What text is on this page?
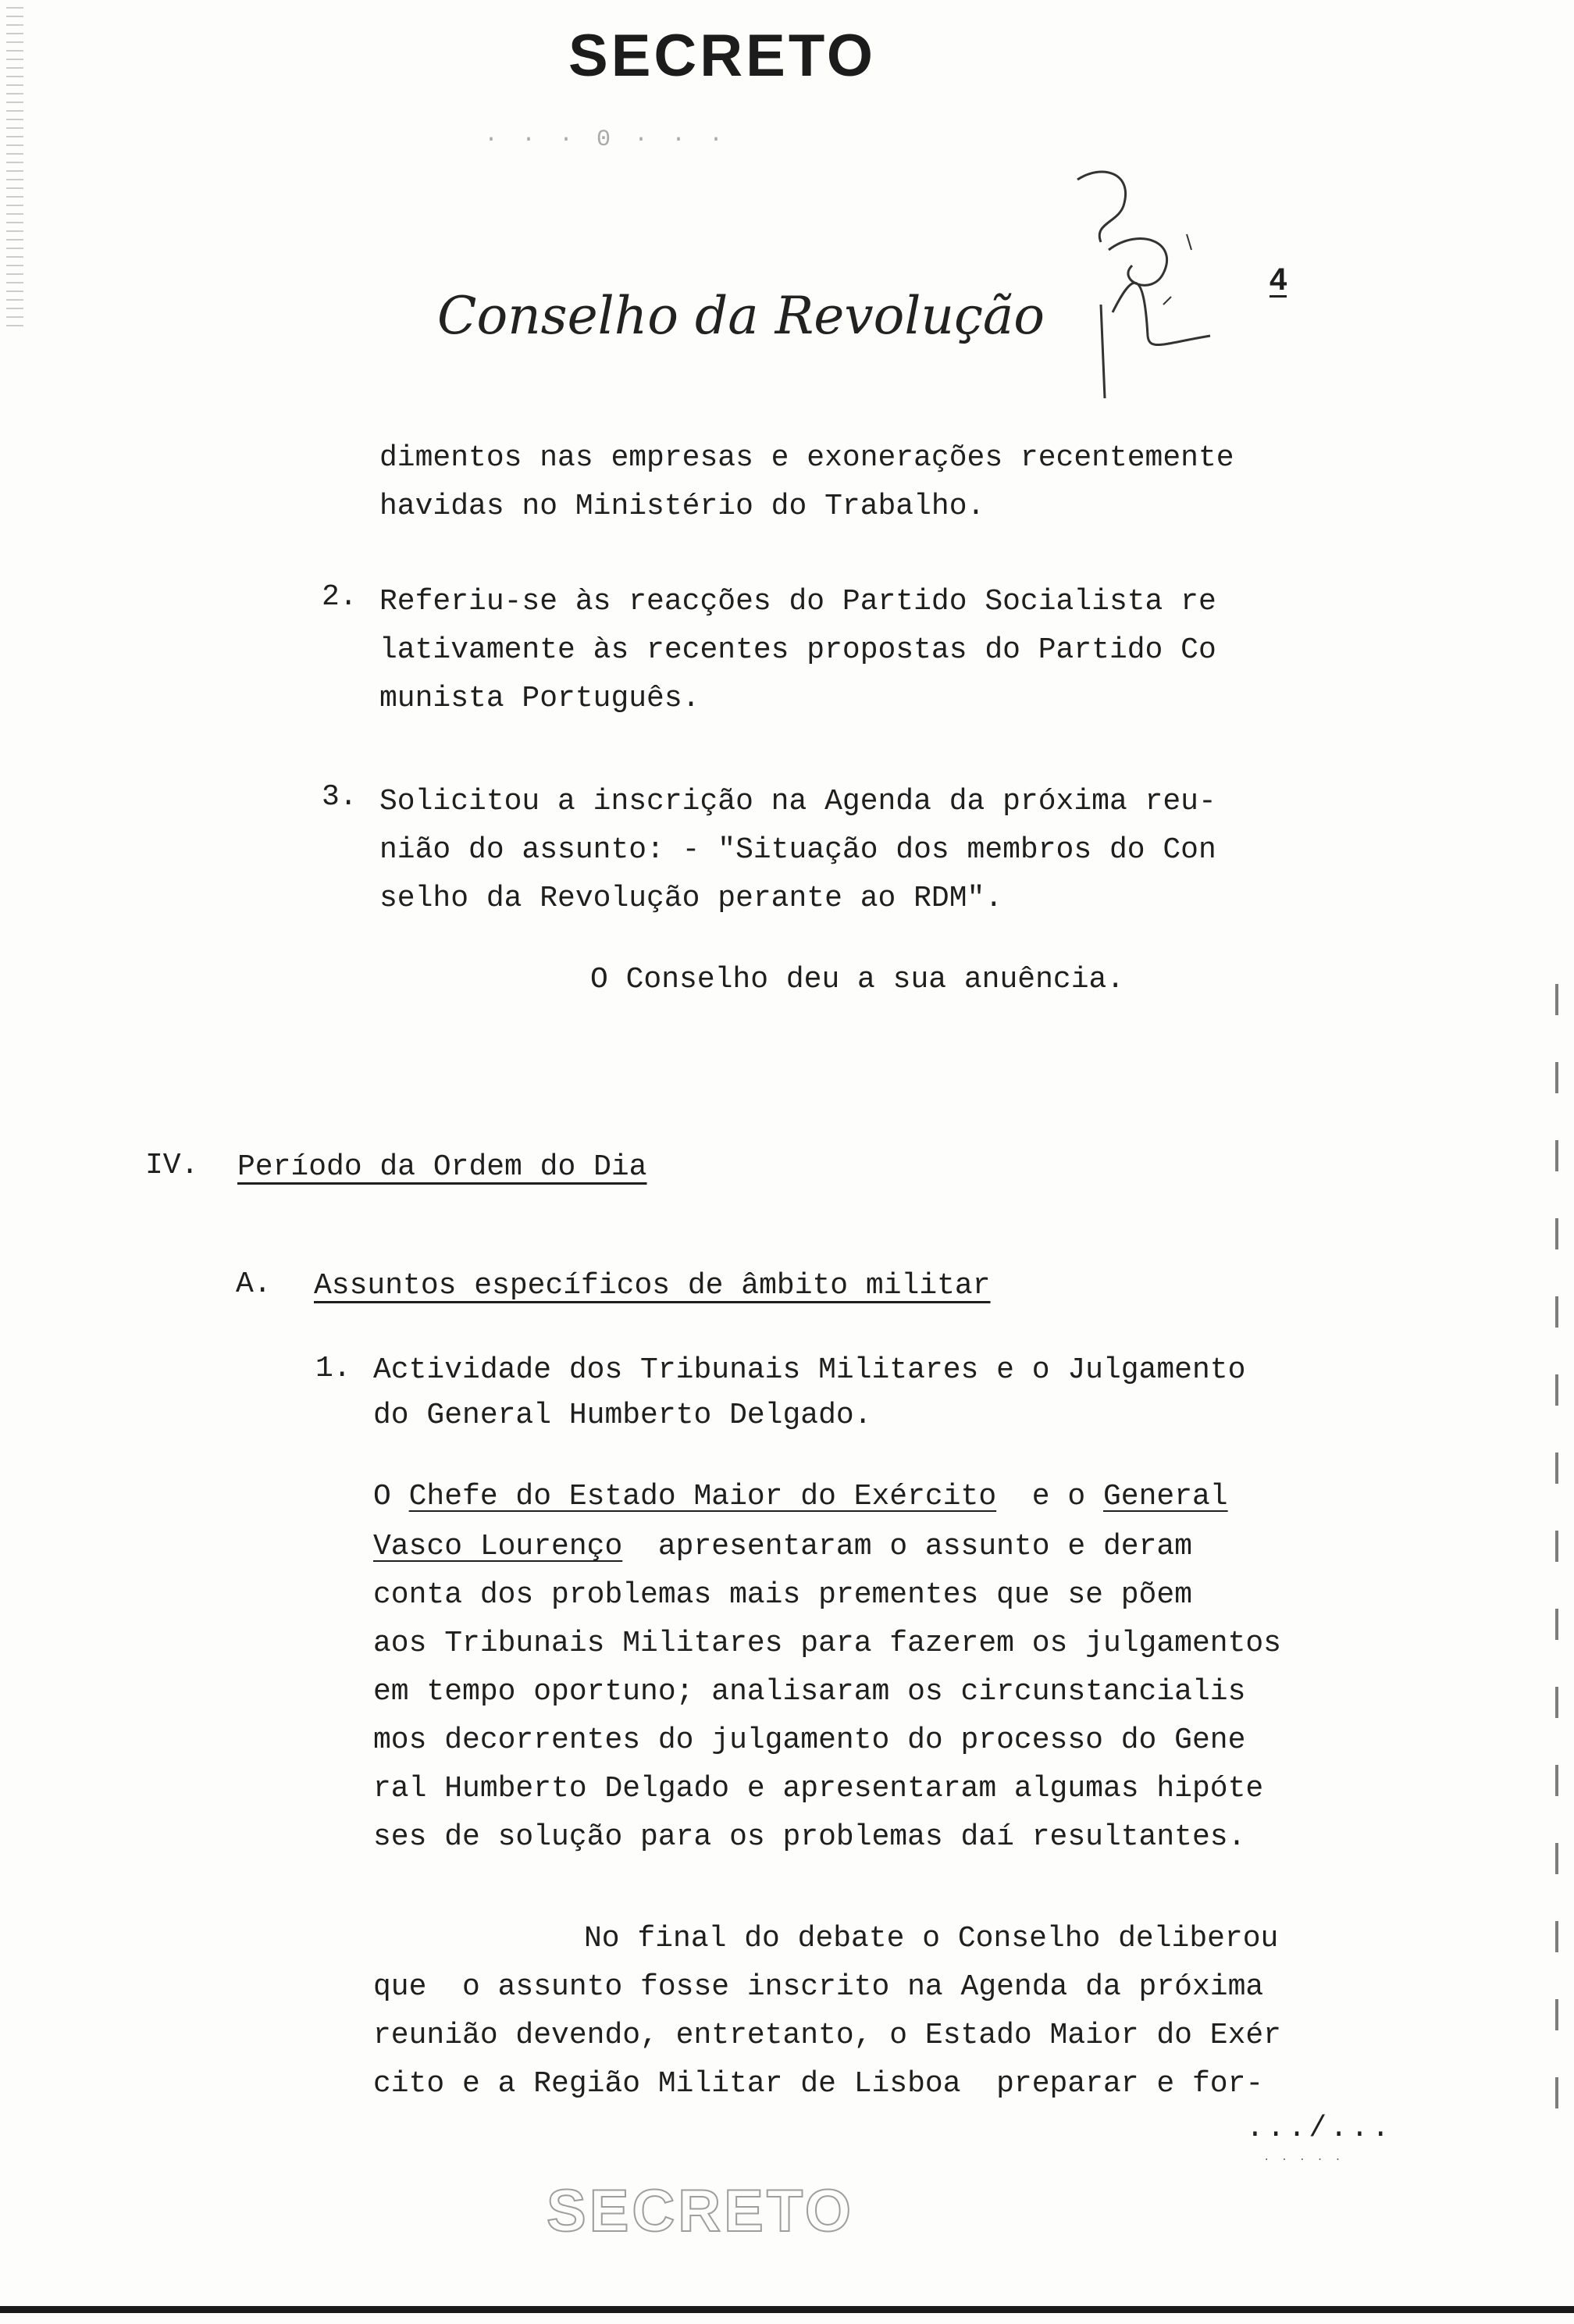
SECRETO
· · · 0 · · ·
4
Conselho da Revolução
dimentos nas empresas e exonerações recentemente
havidas no Ministério do Trabalho.
2. Referiu-se às reacções do Partido Socialista re
lativamente às recentes propostas do Partido Co
munista Português.
3. Solicitou a inscrição na Agenda da próxima reu-
nião do assunto: - "Situação dos membros do Con
selho da Revolução perante ao RDM".
O Conselho deu a sua anuência.
IV. Período da Ordem do Dia
A. Assuntos específicos de âmbito militar
1. Actividade dos Tribunais Militares e o Julgamento
do General Humberto Delgado.
O Chefe do Estado Maior do Exército e o General
Vasco Lourenço apresentaram o assunto e deram
conta dos problemas mais prementes que se põem
aos Tribunais Militares para fazerem os julgamentos
em tempo oportuno; analisaram os circunstancialis
mos decorrentes do julgamento do processo do Gene
ral Humberto Delgado e apresentaram algumas hipóte
ses de solução para os problemas daí resultantes.
No final do debate o Conselho deliberou
que  o assunto fosse inscrito na Agenda da próxima
reunião devendo, entretanto, o Estado Maior do Exér
cito e a Região Militar de Lisboa  preparar e for-
.../...
· · · · ·
SECRETO
